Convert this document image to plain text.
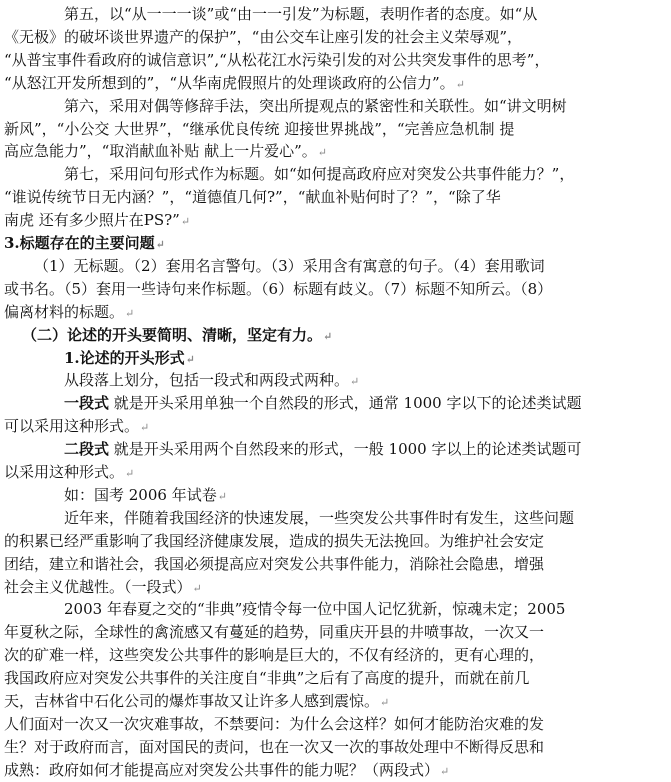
第五，以“从一一一谈”或“由一一引发”为标题，表明作者的态度。如“从
《无极》的破坏谈世界遗产的保护”，“由公交车让座引发的社会主义荣辱观”，
“从普宝事件看政府的诚信意识”,“从松花江水污染引发的对公共突发事件的思考”，
“从怒江开发所想到的”，“从华南虎假照片的处理谈政府的公信力”。↵
第六，采用对偶等修辞手法，突出所提观点的紧密性和关联性。如“讲文明树
新风”，“小公交 大世界”，“继承优良传统 迎接世界挑战”，“完善应急机制 提
高应急能力”，“取消献血补贴 献上一片爱心”。↵
第七，采用问句形式作为标题。如“如何提高政府应对突发公共事件能力？”，
“谁说传统节日无内涵？”，“道德值几何?”，“献血补贴何时了？”，“除了华
南虎 还有多少照片在PS?”↵
3.标题存在的主要问题↵
（1）无标题。（2）套用名言警句。（3）采用含有寓意的句子。（4）套用歌词
或书名。（5）套用一些诗句来作标题。（6）标题有歧义。（7）标题不知所云。（8）
偏离材料的标题。↵
（二）论述的开头要简明、清晰，坚定有力。↵
1.论述的开头形式↵
从段落上划分，包括一段式和两段式两种。↵
一段式 就是开头采用单独一个自然段的形式，通常 1000 字以下的论述类试题
可以采用这种形式。↵
二段式 就是开头采用两个自然段来的形式，一般 1000 字以上的论述类试题可
以采用这种形式。↵
如：国考 2006 年试卷↵
近年来，伴随着我国经济的快速发展，一些突发公共事件时有发生，这些问题
的积累已经严重影响了我国经济健康发展，造成的损失无法挽回。为维护社会安定
团结，建立和谐社会，我国必须提高应对突发公共事件能力，消除社会隐患，增强
社会主义优越性。（一段式）↵
2003 年春夏之交的“非典”疫情令每一位中国人记忆犹新，惊魂未定；2005
年夏秋之际，全球性的禽流感又有蔓延的趋势，同重庆开县的井喷事故，一次又一
次的矿难一样，这些突发公共事件的影响是巨大的，不仅有经济的，更有心理的，
我国政府应对突发公共事件的关注度自“非典”之后有了高度的提升，而就在前几
天，吉林省中石化公司的爆炸事故又让许多人感到震惊。↵
人们面对一次又一次灾难事故，不禁要问：为什么会这样？如何才能防治灾难的发
生？对于政府而言，面对国民的责问，也在一次又一次的事故处理中不断得反思和
成熟：政府如何才能提高应对突发公共事件的能力呢？（两段式）↵
